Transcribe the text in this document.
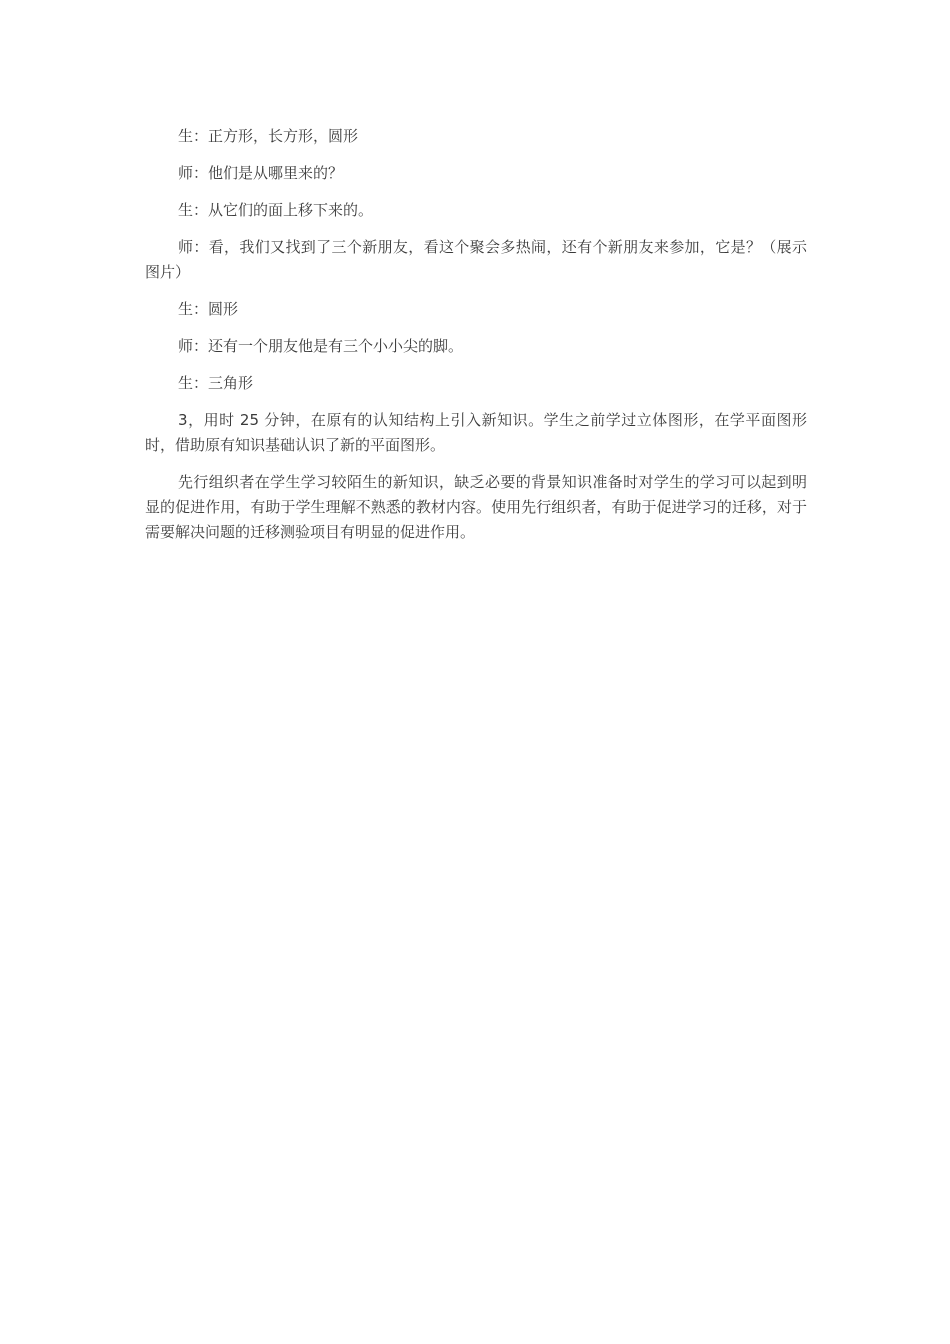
生：正方形，长方形，圆形

师：他们是从哪里来的？

生：从它们的面上移下来的。

师：看，我们又找到了三个新朋友，看这个聚会多热闹，还有个新朋友来参加，它是？（展示图片）

生：圆形

师：还有一个朋友他是有三个小小尖的脚。

生：三角形

3，用时 25 分钟，在原有的认知结构上引入新知识。学生之前学过立体图形，在学平面图形时，借助原有知识基础认识了新的平面图形。

先行组织者在学生学习较陌生的新知识，缺乏必要的背景知识准备时对学生的学习可以起到明显的促进作用，有助于学生理解不熟悉的教材内容。使用先行组织者，有助于促进学习的迁移，对于需要解决问题的迁移测验项目有明显的促进作用。
